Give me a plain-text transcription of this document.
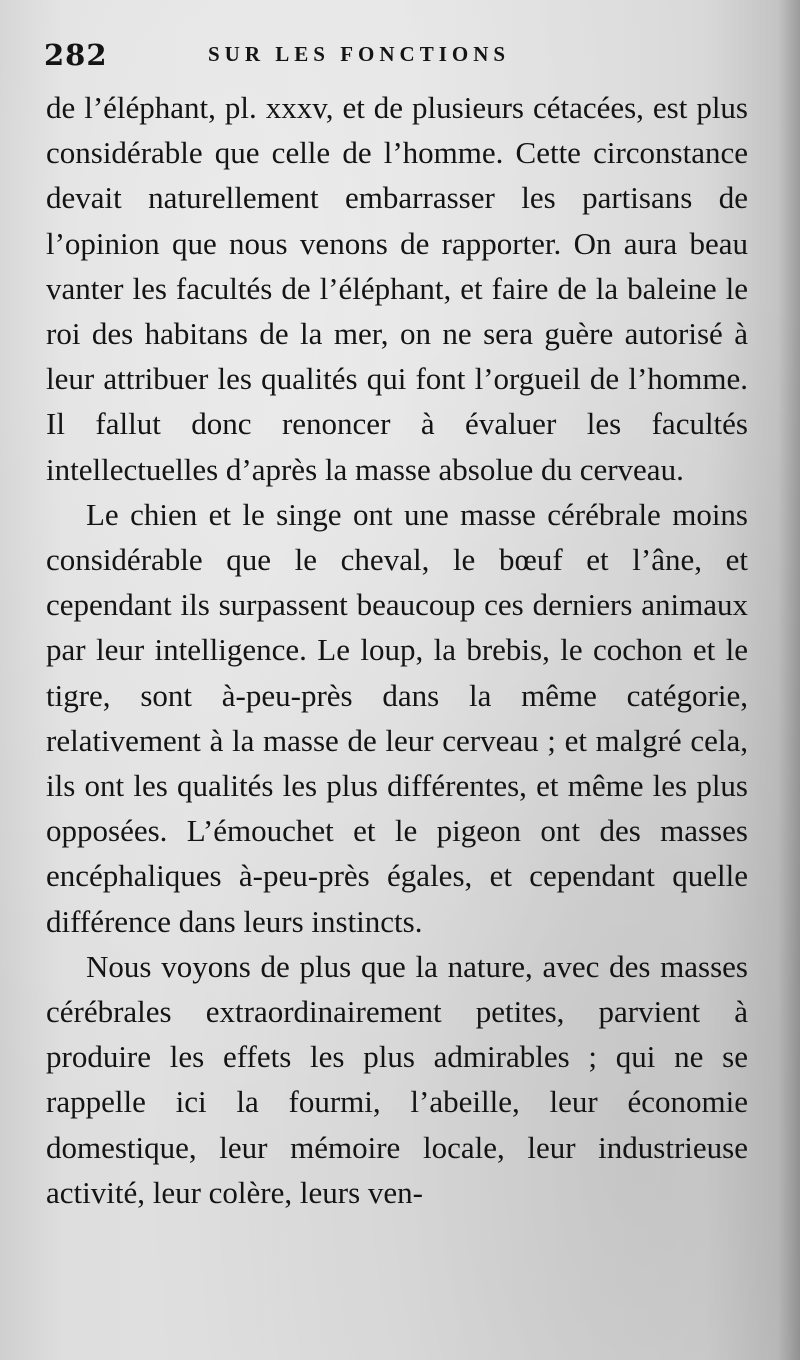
282	SUR LES FONCTIONS

de l’éléphant, pl. xxxv, et de plusieurs cétacées, est plus considérable que celle de l’homme. Cette circonstance devait naturellement embarrasser les partisans de l’opinion que nous venons de rapporter. On aura beau vanter les facultés de l’éléphant, et faire de la baleine le roi des habitans de la mer, on ne sera guère autorisé à leur attribuer les qualités qui font l’orgueil de l’homme. Il fallut donc renoncer à évaluer les facultés intellectuelles d’après la masse absolue du cerveau.

Le chien et le singe ont une masse cérébrale moins considérable que le cheval, le bœuf et l’âne, et cependant ils surpassent beaucoup ces derniers animaux par leur intelligence. Le loup, la brebis, le cochon et le tigre, sont à-peu-près dans la même catégorie, relativement à la masse de leur cerveau ; et malgré cela, ils ont les qualités les plus différentes, et même les plus opposées. L’émouchet et le pigeon ont des masses encéphaliques à-peu-près égales, et cependant quelle différence dans leurs instincts.

Nous voyons de plus que la nature, avec des masses cérébrales extraordinairement petites, parvient à produire les effets les plus admirables ; qui ne se rappelle ici la fourmi, l’abeille, leur économie domestique, leur mémoire locale, leur industrieuse activité, leur colère, leurs ven-
